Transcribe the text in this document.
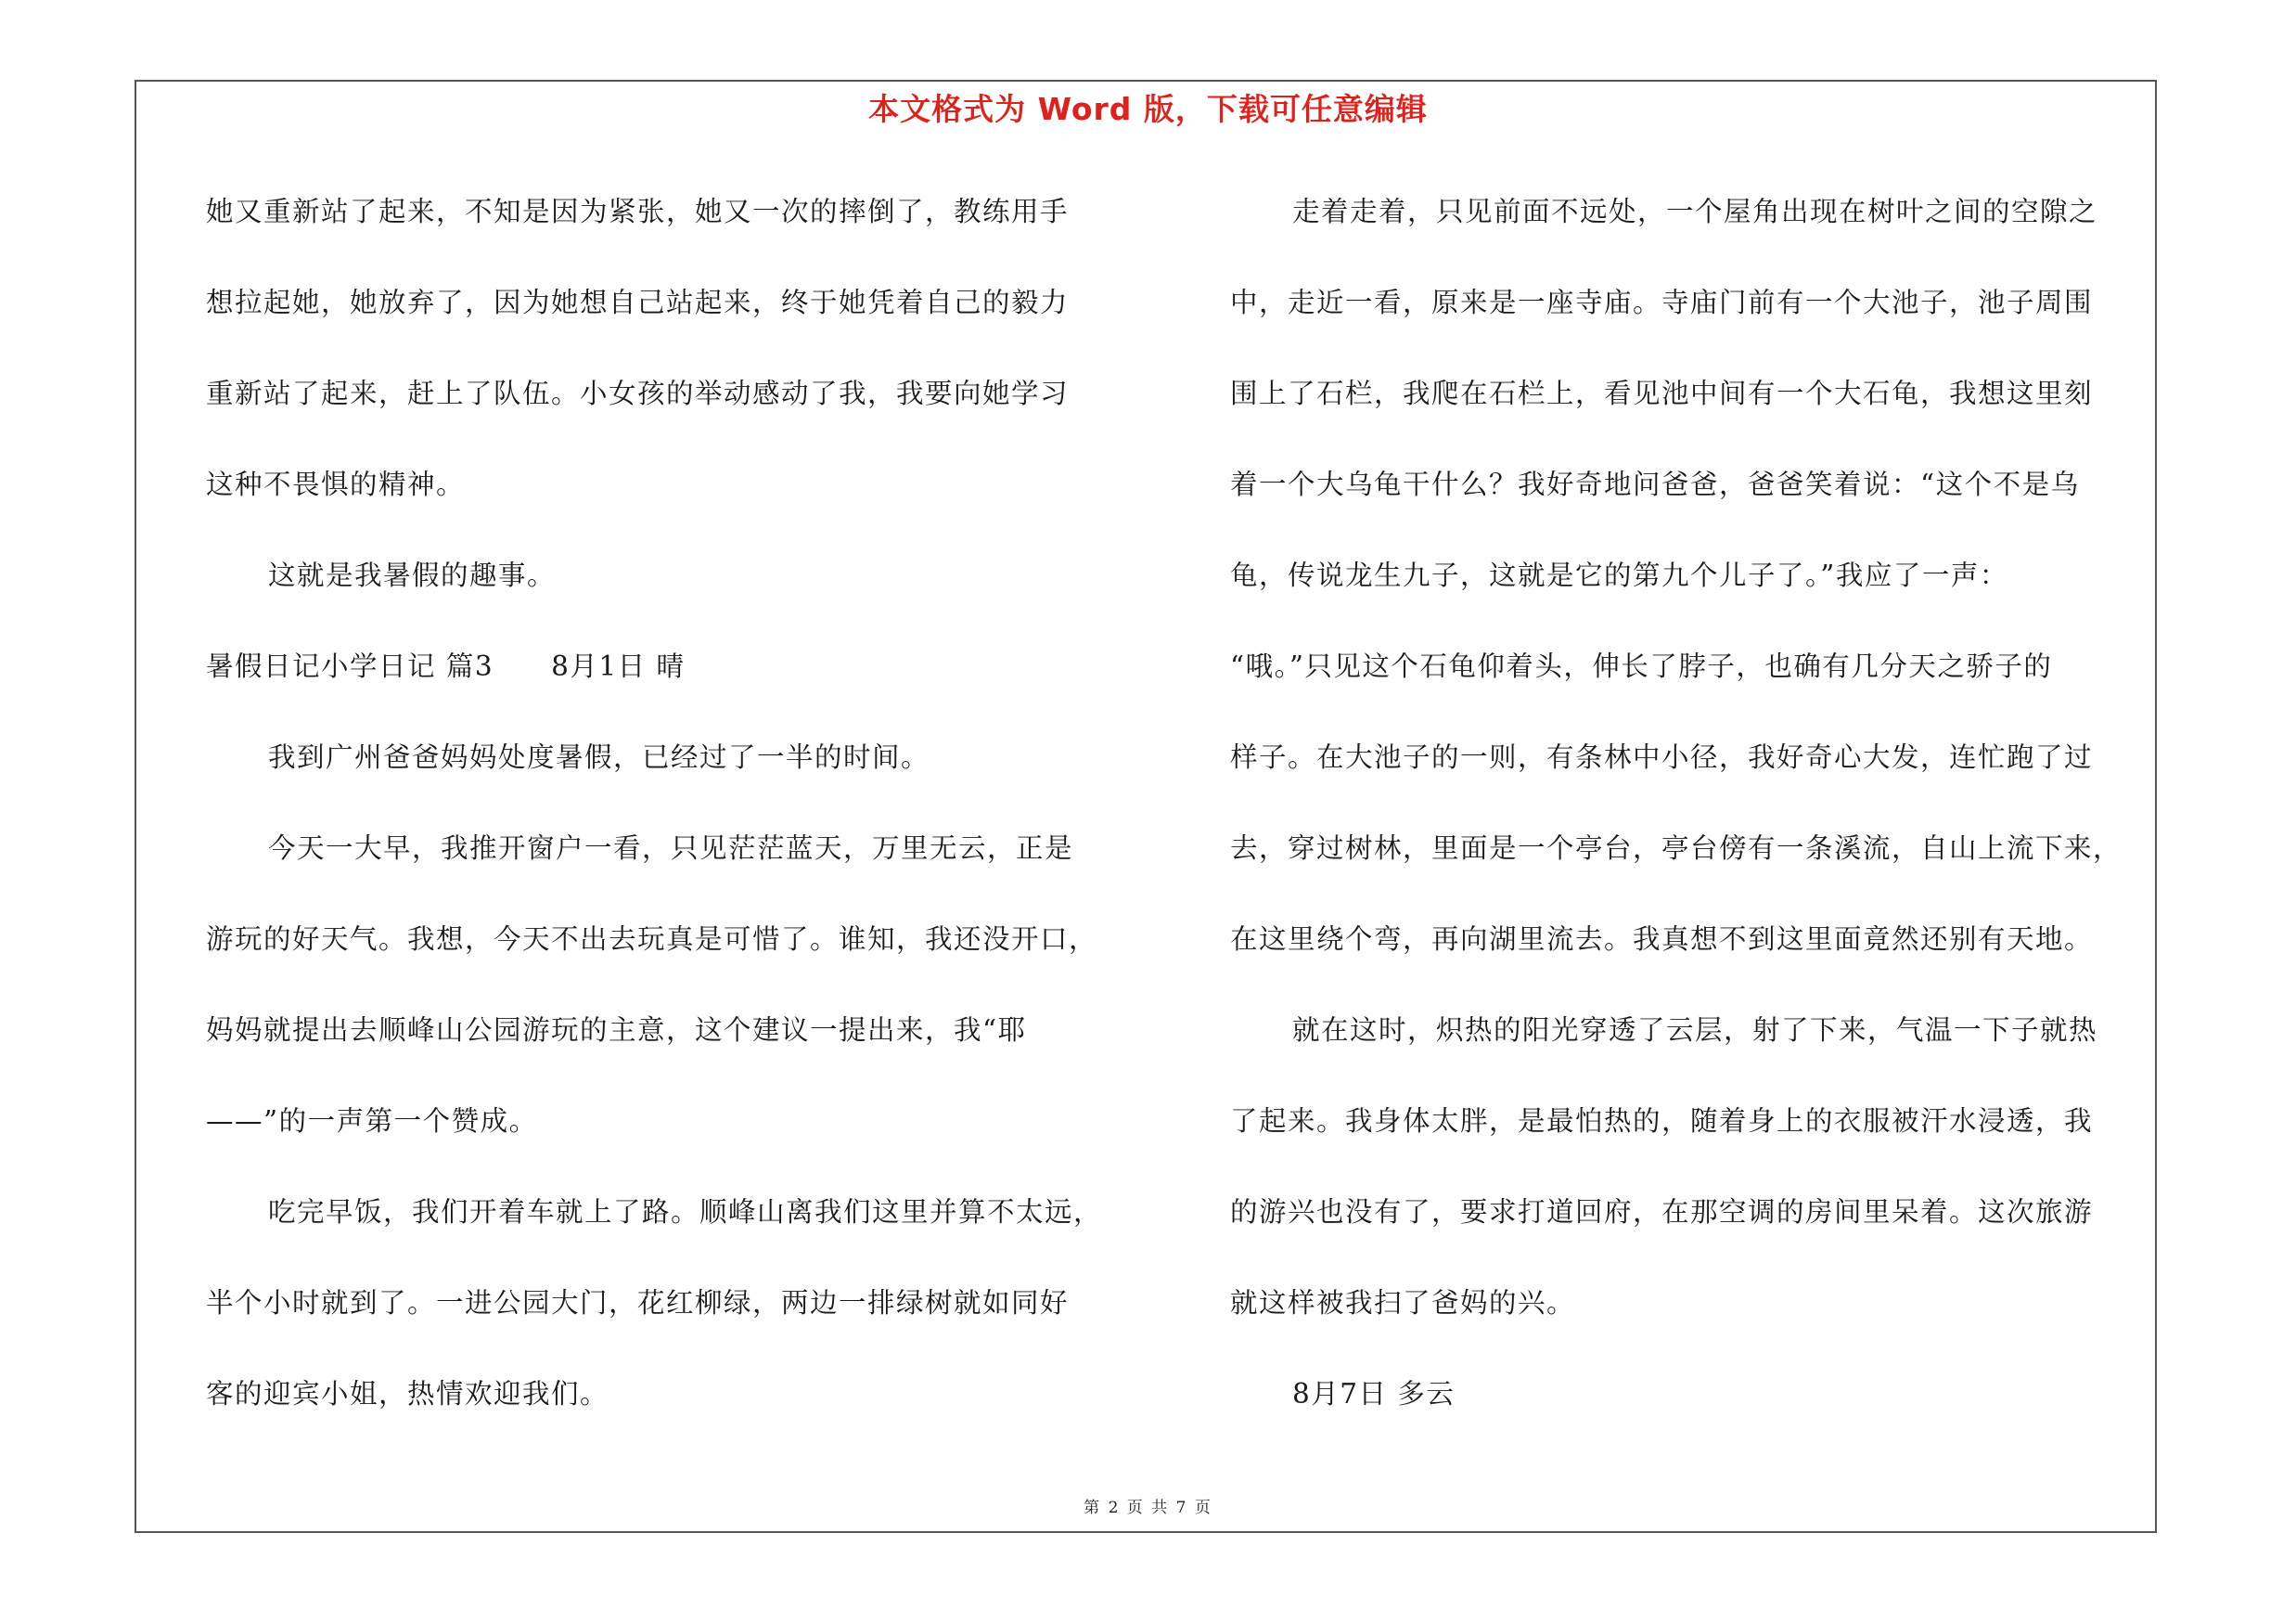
本文格式为 Word 版，下载可任意编辑
她又重新站了起来，不知是因为紧张，她又一次的摔倒了，教练用手
想拉起她，她放弃了，因为她想自己站起来，终于她凭着自己的毅力
重新站了起来，赶上了队伍。小女孩的举动感动了我，我要向她学习
这种不畏惧的精神。
这就是我暑假的趣事。
暑假日记小学日记 篇3　　8月1日 晴
我到广州爸爸妈妈处度暑假，已经过了一半的时间。
今天一大早，我推开窗户一看，只见茫茫蓝天，万里无云，正是
游玩的好天气。我想，今天不出去玩真是可惜了。谁知，我还没开口，
妈妈就提出去顺峰山公园游玩的主意，这个建议一提出来，我“耶
——”的一声第一个赞成。
吃完早饭，我们开着车就上了路。顺峰山离我们这里并算不太远，
半个小时就到了。一进公园大门，花红柳绿，两边一排绿树就如同好
客的迎宾小姐，热情欢迎我们。
走着走着，只见前面不远处，一个屋角出现在树叶之间的空隙之
中，走近一看，原来是一座寺庙。寺庙门前有一个大池子，池子周围
围上了石栏，我爬在石栏上，看见池中间有一个大石龟，我想这里刻
着一个大乌龟干什么？我好奇地问爸爸，爸爸笑着说：“这个不是乌
龟，传说龙生九子，这就是它的第九个儿子了。”我应了一声：
“哦。”只见这个石龟仰着头，伸长了脖子，也确有几分天之骄子的
样子。在大池子的一则，有条林中小径，我好奇心大发，连忙跑了过
去，穿过树林，里面是一个亭台，亭台傍有一条溪流，自山上流下来，
在这里绕个弯，再向湖里流去。我真想不到这里面竟然还别有天地。
就在这时，炽热的阳光穿透了云层，射了下来，气温一下子就热
了起来。我身体太胖，是最怕热的，随着身上的衣服被汗水浸透，我
的游兴也没有了，要求打道回府，在那空调的房间里呆着。这次旅游
就这样被我扫了爸妈的兴。
8月7日 多云
第 2 页 共 7 页
